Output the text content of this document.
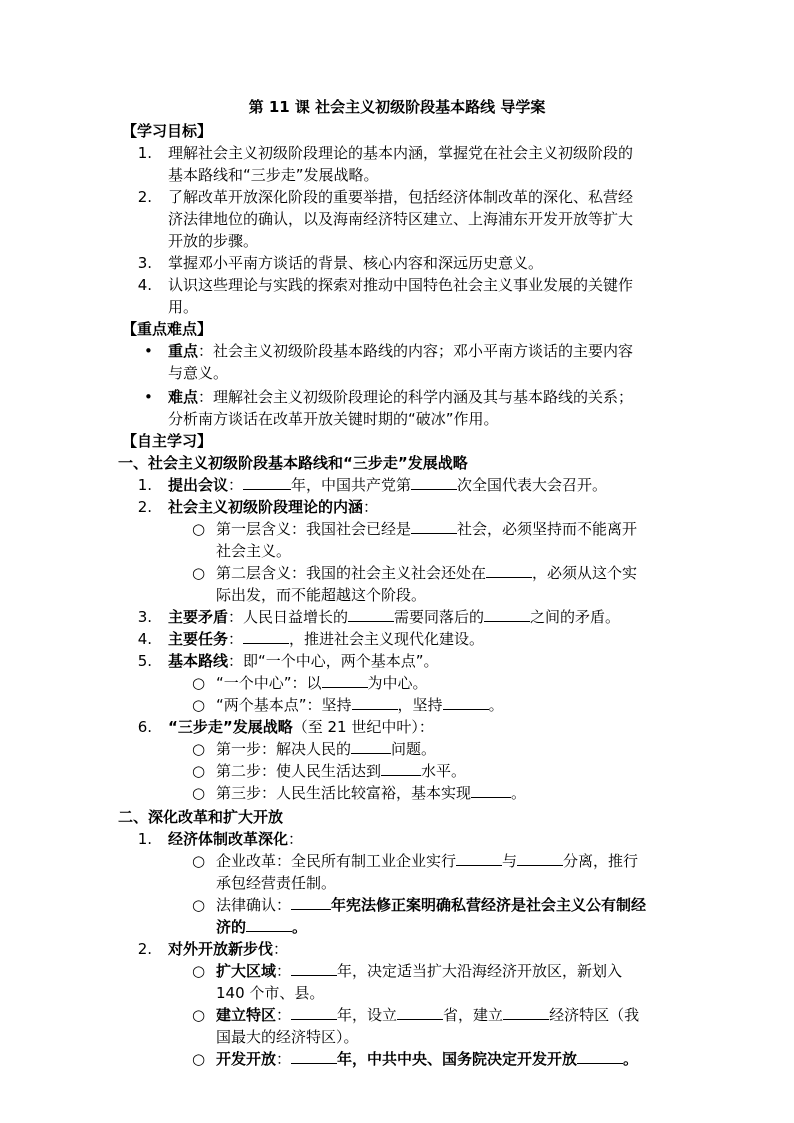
第 11 课 社会主义初级阶段基本路线 导学案
【学习目标】
1. 理解社会主义初级阶段理论的基本内涵，掌握党在社会主义初级阶段的
基本路线和“三步走”发展战略。
2. 了解改革开放深化阶段的重要举措，包括经济体制改革的深化、私营经
济法律地位的确认，以及海南经济特区建立、上海浦东开发开放等扩大
开放的步骤。
3. 掌握邓小平南方谈话的背景、核心内容和深远历史意义。
4. 认识这些理论与实践的探索对推动中国特色社会主义事业发展的关键作
用。
【重点难点】
• 重点：社会主义初级阶段基本路线的内容；邓小平南方谈话的主要内容
与意义。
• 难点：理解社会主义初级阶段理论的科学内涵及其与基本路线的关系；
分析南方谈话在改革开放关键时期的“破冰”作用。
【自主学习】
一、社会主义初级阶段基本路线和“三步走”发展战略
1. 提出会议：	年，中国共产党第	次全国代表大会召开。
2. 社会主义初级阶段理论的内涵：
○ 第一层含义：我国社会已经是	社会，必须坚持而不能离开
社会主义。
○ 第二层含义：我国的社会主义社会还处在	，必须从这个实
际出发，而不能超越这个阶段。
3. 主要矛盾：人民日益增长的	需要同落后的	之间的矛盾。
4. 主要任务：	，推进社会主义现代化建设。
5. 基本路线：即“一个中心，两个基本点”。
○ “一个中心”：以	为中心。
○ “两个基本点”：坚持	，坚持	。
6. “三步走”发展战略（至 21 世纪中叶）：
○ 第一步：解决人民的	问题。
○ 第二步：使人民生活达到	水平。
○ 第三步：人民生活比较富裕，基本实现	。
二、深化改革和扩大开放
1. 经济体制改革深化：
○ 企业改革：全民所有制工业企业实行	与	分离，推行
承包经营责任制。
○ 法律确认：	年宪法修正案明确私营经济是社会主义公有制经
济的	。
2. 对外开放新步伐：
○ 扩大区域：	年，决定适当扩大沿海经济开放区，新划入
140 个市、县。
○ 建立特区：	年，设立	省，建立	经济特区（我
国最大的经济特区）。
○ 开发开放：	年，中共中央、国务院决定开发开放	。
